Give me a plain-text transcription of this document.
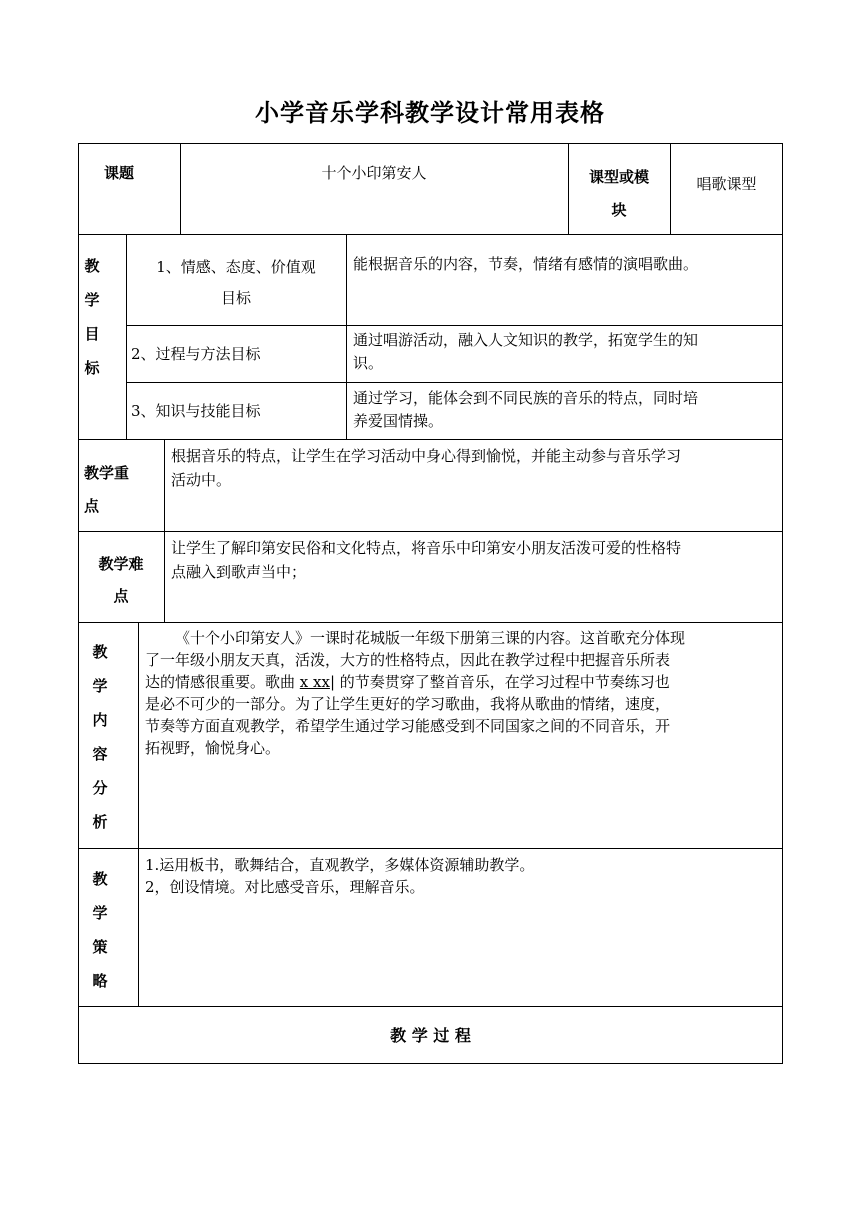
小学音乐学科教学设计常用表格
课题	十个小印第安人	课型或模
块
唱歌课型
教
学
目
标
1、情感、态度、价值观
目标
能根据音乐的内容，节奏，情绪有感情的演唱歌曲。
2、过程与方法目标
通过唱游活动，融入人文知识的教学，拓宽学生的知
识。
3、知识与技能目标
通过学习，能体会到不同民族的音乐的特点，同时培
养爱国情操。
教学重
点
根据音乐的特点，让学生在学习活动中身心得到愉悦，并能主动参与音乐学习
活动中。
教学难
点
让学生了解印第安民俗和文化特点，将音乐中印第安小朋友活泼可爱的性格特
点融入到歌声当中；
教
学
内
容
分
析
《十个小印第安人》一课时花城版一年级下册第三课的内容。这首歌充分体现
了一年级小朋友天真，活泼，大方的性格特点，因此在教学过程中把握音乐所表
达的情感很重要。歌曲 x xx| 的节奏贯穿了整首音乐，在学习过程中节奏练习也
是必不可少的一部分。为了让学生更好的学习歌曲，我将从歌曲的情绪，速度，
节奏等方面直观教学，希望学生通过学习能感受到不同国家之间的不同音乐，开
拓视野，愉悦身心。
教
学
策
略
1.运用板书，歌舞结合，直观教学，多媒体资源辅助教学。
2，创设情境。对比感受音乐，理解音乐。
教 学 过 程
